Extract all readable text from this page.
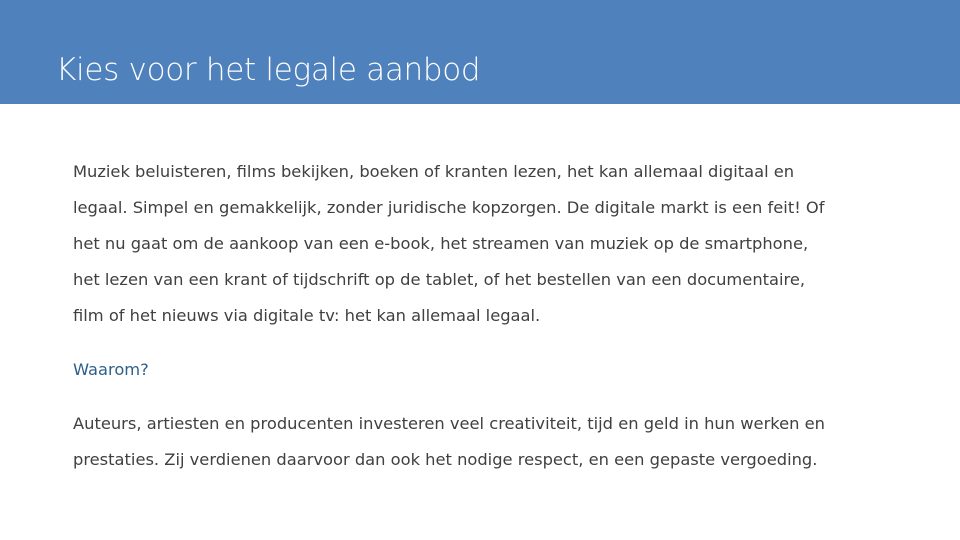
Kies voor het legale aanbod

Muziek beluisteren, films bekijken, boeken of kranten lezen, het kan allemaal digitaal en
legaal. Simpel en gemakkelijk, zonder juridische kopzorgen. De digitale markt is een feit! Of
het nu gaat om de aankoop van een e-book, het streamen van muziek op de smartphone,
het lezen van een krant of tijdschrift op de tablet, of het bestellen van een documentaire,
film of het nieuws via digitale tv: het kan allemaal legaal.

Waarom?

Auteurs, artiesten en producenten investeren veel creativiteit, tijd en geld in hun werken en
prestaties. Zij verdienen daarvoor dan ook het nodige respect, en een gepaste vergoeding.
